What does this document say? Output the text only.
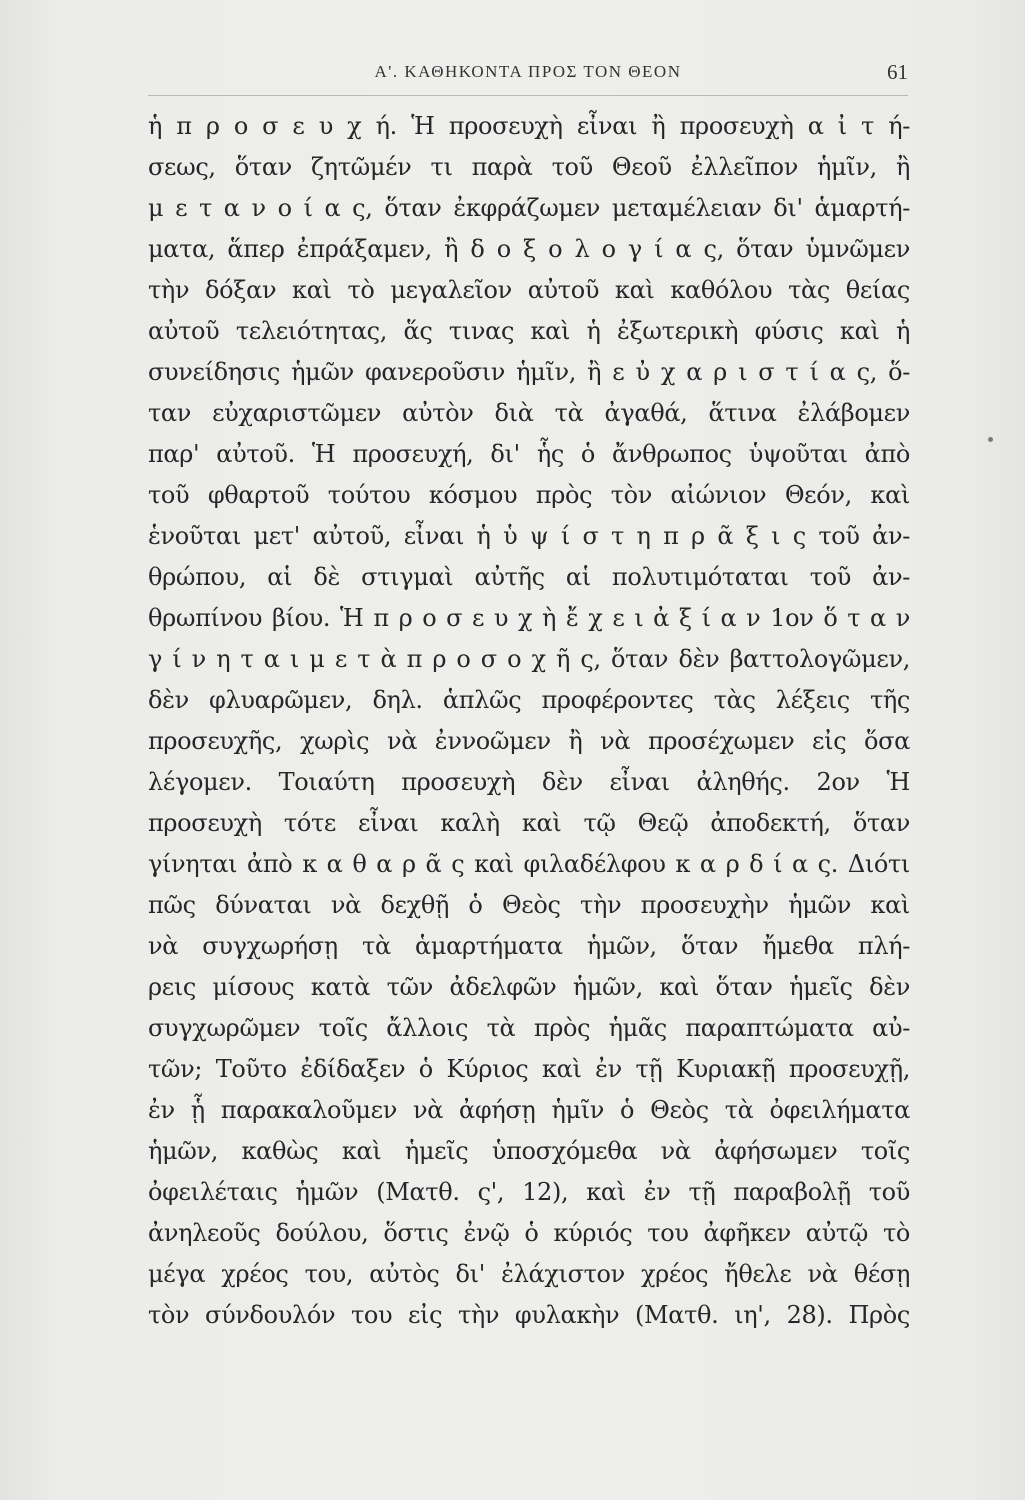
Α'. ΚΑΘΗΚΟΝΤΑ ΠΡΟΣ ΤΟΝ ΘΕΟΝ	61
ἡ π ρ ο σ ε υ χ ή. Ἡ προσευχὴ εἶναι ἢ προσευχὴ α ἰ τ ή-
σεως, ὅταν ζητῶμέν τι παρὰ τοῦ Θεοῦ ἐλλεῖπον ἡμῖν, ἢ
μ ε τ α ν ο ί α ς, ὅταν ἐκφράζωμεν μεταμέλειαν δι' ἁμαρτή-
ματα, ἅπερ ἐπράξαμεν, ἢ δ ο ξ ο λ ο γ ί α ς, ὅταν ὑμνῶμεν
τὴν δόξαν καὶ τὸ μεγαλεῖον αὐτοῦ καὶ καθόλου τὰς θείας
αὐτοῦ τελειότητας, ἅς τινας καὶ ἡ ἐξωτερικὴ φύσις καὶ ἡ
συνείδησις ἡμῶν φανεροῦσιν ἡμῖν, ἢ ε ὐ χ α ρ ι σ τ ί α ς, ὅ-
ταν εὐχαριστῶμεν αὐτὸν διὰ τὰ ἀγαθά, ἅτινα ἐλάβομεν
παρ' αὐτοῦ. Ἡ προσευχή, δι' ἧς ὁ ἄνθρωπος ὑψοῦται ἀπὸ
τοῦ φθαρτοῦ τούτου κόσμου πρὸς τὸν αἰώνιον Θεόν, καὶ
ἑνοῦται μετ' αὐτοῦ, εἶναι ἡ ὑ ψ ί σ τ η π ρ ᾶ ξ ι ς τοῦ ἀν-
θρώπου, αἱ δὲ στιγμαὶ αὐτῆς αἱ πολυτιμόταται τοῦ ἀν-
θρωπίνου βίου. Ἡ π ρ ο σ ε υ χ ὴ ἔ χ ε ι ἀ ξ ί α ν 1ον ὅ τ α ν
γ ί ν η τ α ι μ ε τ ὰ π ρ ο σ ο χ ῆ ς, ὅταν δὲν βαττολογῶμεν,
δὲν φλυαρῶμεν, δηλ. ἁπλῶς προφέροντες τὰς λέξεις τῆς
προσευχῆς, χωρὶς νὰ ἐννοῶμεν ἢ νὰ προσέχωμεν εἰς ὅσα
λέγομεν. Τοιαύτη προσευχὴ δὲν εἶναι ἀληθής. 2ον Ἡ
προσευχὴ τότε εἶναι καλὴ καὶ τῷ Θεῷ ἀποδεκτή, ὅταν
γίνηται ἀπὸ κ α θ α ρ ᾶ ς καὶ φιλαδέλφου κ α ρ δ ί α ς. Διότι
πῶς δύναται νὰ δεχθῇ ὁ Θεὸς τὴν προσευχὴν ἡμῶν καὶ
νὰ συγχωρήσῃ τὰ ἁμαρτήματα ἡμῶν, ὅταν ἤμεθα πλή-
ρεις μίσους κατὰ τῶν ἀδελφῶν ἡμῶν, καὶ ὅταν ἡμεῖς δὲν
συγχωρῶμεν τοῖς ἄλλοις τὰ πρὸς ἡμᾶς παραπτώματα αὐ-
τῶν; Τοῦτο ἐδίδαξεν ὁ Κύριος καὶ ἐν τῇ Κυριακῇ προσευχῇ,
ἐν ᾗ παρακαλοῦμεν νὰ ἀφήσῃ ἡμῖν ὁ Θεὸς τὰ ὀφειλήματα
ἡμῶν, καθὼς καὶ ἡμεῖς ὑποσχόμεθα νὰ ἀφήσωμεν τοῖς
ὀφειλέταις ἡμῶν (Ματθ. ς', 12), καὶ ἐν τῇ παραβολῇ τοῦ
ἀνηλεοῦς δούλου, ὅστις ἐνῷ ὁ κύριός του ἀφῆκεν αὐτῷ τὸ
μέγα χρέος του, αὐτὸς δι' ἐλάχιστον χρέος ἤθελε νὰ θέσῃ
τὸν σύνδουλόν του εἰς τὴν φυλακὴν (Ματθ. ιη', 28). Πρὸς
